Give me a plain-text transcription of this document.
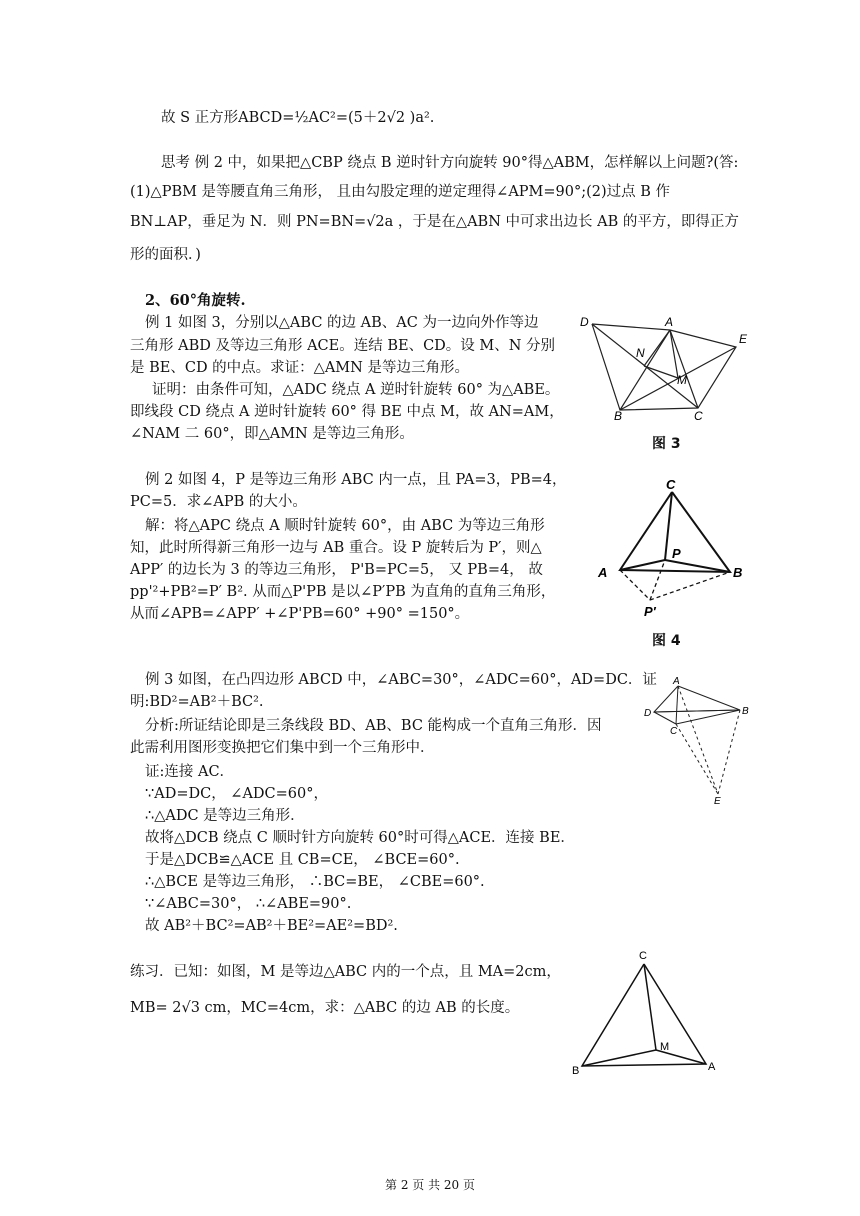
故 S 正方形ABCD=½AC²=(5＋2√2 )a².
思考 例 2 中，如果把△CBP 绕点 B 逆时针方向旋转 90°得△ABM，怎样解以上问题?(答:
(1)△PBM 是等腰直角三角形， 且由勾股定理的逆定理得∠APM=90°;(2)过点 B 作
BN⊥AP，垂足为 N．则 PN=BN=√2a ，于是在△ABN 中可求出边长 AB 的平方，即得正方
形的面积．)
2、60°角旋转.
例 1 如图 3，分别以△ABC 的边 AB、AC 为一边向外作等边
三角形 ABD 及等边三角形 ACE。连结 BE、CD。设 M、N 分别
是 BE、CD 的中点。求证：△AMN 是等边三角形。
证明：由条件可知，△ADC 绕点 A 逆时针旋转 60° 为△ABE。
即线段 CD 绕点 A 逆时针旋转 60° 得 BE 中点 M，故 AN=AM，
∠NAM 二 60°，即△AMN 是等边三角形。
D	A
E
N
M
B	C
图 3
例 2 如图 4，P 是等边三角形 ABC 内一点，且 PA=3，PB=4，
PC=5．求∠APB 的大小。
解：将△APC 绕点 A 顺时针旋转 60°，由 ABC 为等边三角形
知，此时所得新三角形一边与 AB 重合。设 P 旋转后为 P′，则△
APP′ 的边长为 3 的等边三角形， P'B=PC=5， 又 PB=4， 故
pp'²+PB²=P′ B². 从而△P'PB 是以∠P′PB 为直角的直角三角形，
从而∠APB=∠APP′ +∠P'PB=60° +90° =150°。
C
P
A	B
P′
图 4
例 3 如图，在凸四边形 ABCD 中，∠ABC=30°，∠ADC=60°，AD=DC．证
明:BD²=AB²＋BC².
分析:所证结论即是三条线段 BD、AB、BC 能构成一个直角三角形．因
此需利用图形变换把它们集中到一个三角形中．
证:连接 AC．
∵AD=DC， ∠ADC=60°，
∴△ADC 是等边三角形．
故将△DCB 绕点 C 顺时针方向旋转 60°时可得△ACE．连接 BE．
于是△DCB≌△ACE 且 CB=CE， ∠BCE=60°.
∴△BCE 是等边三角形， ∴BC=BE， ∠CBE=60°.
∵∠ABC=30°， ∴∠ABE=90°.
故 AB²＋BC²=AB²＋BE²=AE²=BD².
A
D	B
C
E
练习．已知：如图，M 是等边△ABC 内的一个点，且 MA=2cm，
MB= 2√3 cm，MC=4cm，求：△ABC 的边 AB 的长度。
C
M
B	A
第 2 页 共 20 页
